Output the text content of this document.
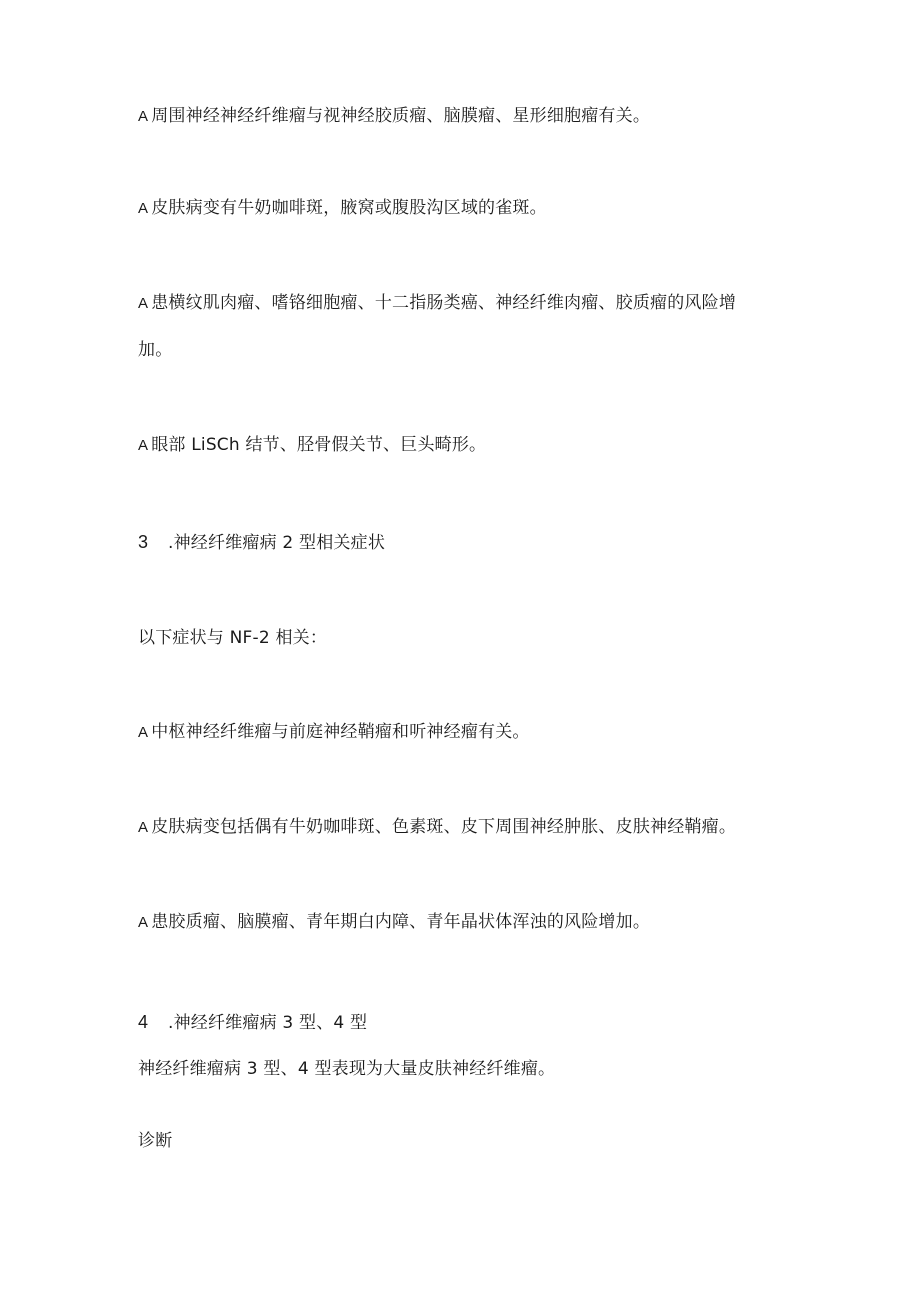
A 周围神经神经纤维瘤与视神经胶质瘤、脑膜瘤、星形细胞瘤有关。
A 皮肤病变有牛奶咖啡斑，腋窝或腹股沟区域的雀斑。
A 患横纹肌肉瘤、嗜铬细胞瘤、十二指肠类癌、神经纤维肉瘤、胶质瘤的风险增
加。
A 眼部 LiSCh 结节、胫骨假关节、巨头畸形。
3 .神经纤维瘤病 2 型相关症状
以下症状与 NF-2 相关：
A 中枢神经纤维瘤与前庭神经鞘瘤和听神经瘤有关。
A 皮肤病变包括偶有牛奶咖啡斑、色素斑、皮下周围神经肿胀、皮肤神经鞘瘤。
A 患胶质瘤、脑膜瘤、青年期白内障、青年晶状体浑浊的风险增加。
4 .神经纤维瘤病 3 型、4 型
神经纤维瘤病 3 型、4 型表现为大量皮肤神经纤维瘤。
诊断
